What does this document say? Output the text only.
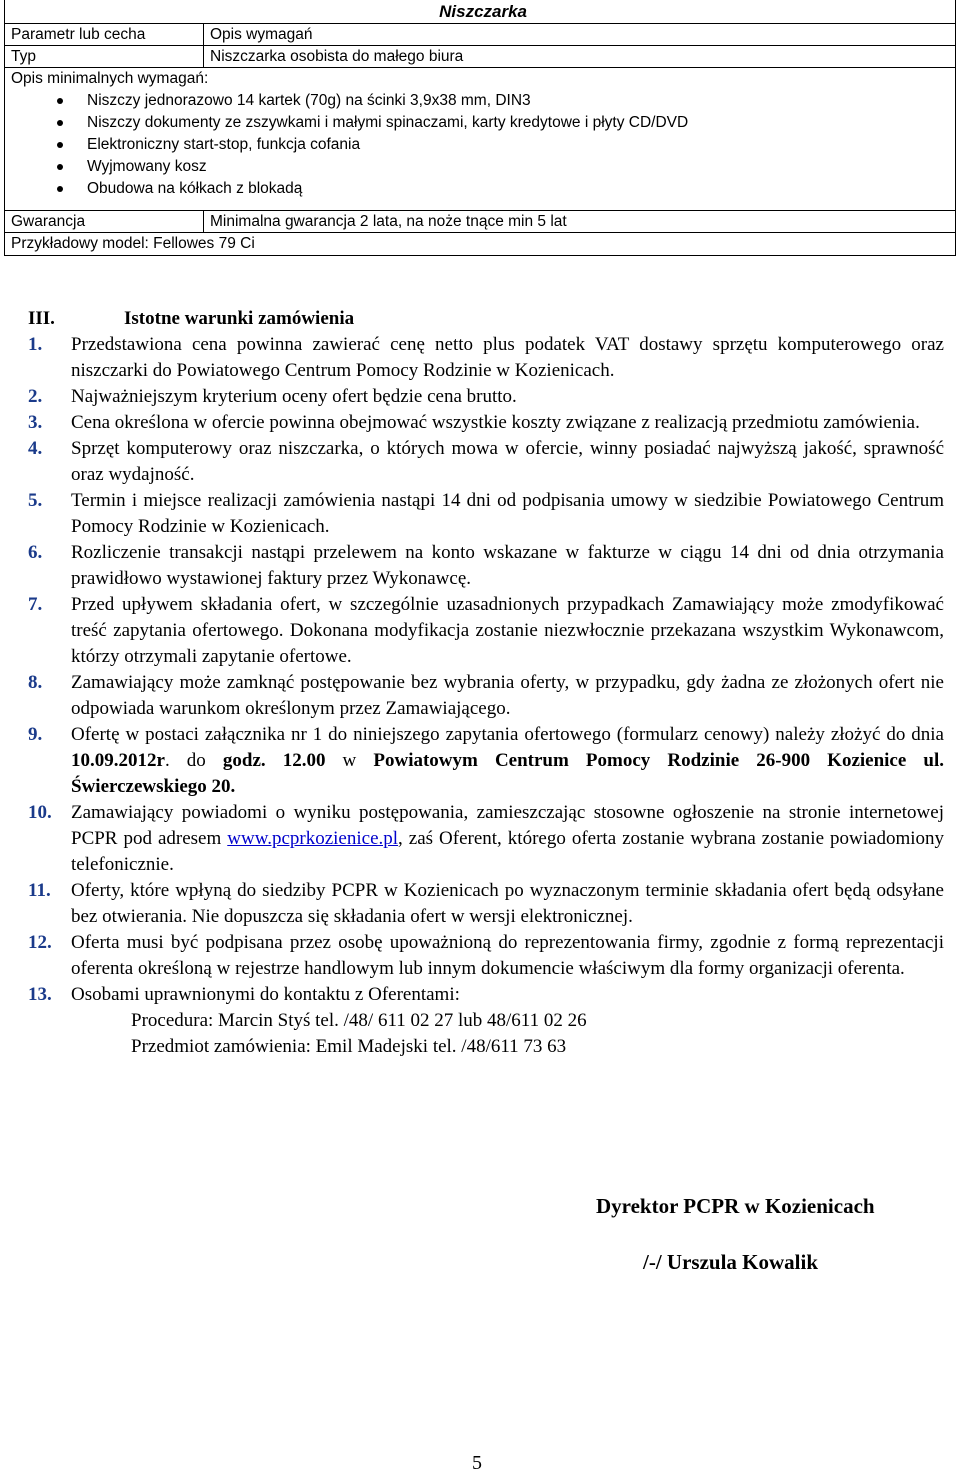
Niszczarka
Parametr lub cecha	Opis wymagań
Typ	Niszczarka osobista do małego biura
Opis minimalnych wymagań:
Niszczy jednorazowo 14 kartek (70g) na ścinki 3,9x38 mm, DIN3
Niszczy dokumenty ze zszywkami i małymi spinaczami, karty kredytowe i płyty CD/DVD
Elektroniczny start-stop, funkcja cofania
Wyjmowany kosz
Obudowa na kółkach z blokadą
Gwarancja	Minimalna gwarancja 2 lata, na noże tnące min 5 lat
Przykładowy model: Fellowes 79 Ci
III.	Istotne warunki zamówienia
1. Przedstawiona cena powinna zawierać cenę netto plus podatek VAT dostawy sprzętu komputerowego oraz niszczarki do Powiatowego Centrum Pomocy Rodzinie w Kozienicach.
2. Najważniejszym kryterium oceny ofert będzie cena brutto.
3. Cena określona w ofercie powinna obejmować wszystkie koszty związane z realizacją przedmiotu zamówienia.
4. Sprzęt komputerowy oraz niszczarka, o których mowa w ofercie, winny posiadać najwyższą jakość, sprawność oraz wydajność.
5. Termin i miejsce realizacji zamówienia nastąpi 14 dni od podpisania umowy w siedzibie Powiatowego Centrum Pomocy Rodzinie w Kozienicach.
6. Rozliczenie transakcji nastąpi przelewem na konto wskazane w fakturze w ciągu 14 dni od dnia otrzymania prawidłowo wystawionej faktury przez Wykonawcę.
7. Przed upływem składania ofert, w szczególnie uzasadnionych przypadkach Zamawiający może zmodyfikować treść zapytania ofertowego. Dokonana modyfikacja zostanie niezwłocznie przekazana wszystkim Wykonawcom, którzy otrzymali zapytanie ofertowe.
8. Zamawiający może zamknąć postępowanie bez wybrania oferty, w przypadku, gdy żadna ze złożonych ofert nie odpowiada warunkom określonym przez Zamawiającego.
9. Ofertę w postaci załącznika nr 1 do niniejszego zapytania ofertowego (formularz cenowy) należy złożyć do dnia 10.09.2012r. do godz. 12.00 w Powiatowym Centrum Pomocy Rodzinie 26-900 Kozienice ul. Świerczewskiego 20.
10. Zamawiający powiadomi o wyniku postępowania, zamieszczając stosowne ogłoszenie na stronie internetowej PCPR pod adresem www.pcprkozienice.pl, zaś Oferent, którego oferta zostanie wybrana zostanie powiadomiony telefonicznie.
11. Oferty, które wpłyną do siedziby PCPR w Kozienicach po wyznaczonym terminie składania ofert będą odsyłane bez otwierania. Nie dopuszcza się składania ofert w wersji elektronicznej.
12. Oferta musi być podpisana przez osobę upoważnioną do reprezentowania firmy, zgodnie z formą reprezentacji oferenta określoną w rejestrze handlowym lub innym dokumencie właściwym dla formy organizacji oferenta.
13. Osobami uprawnionymi do kontaktu z Oferentami:
Procedura: Marcin Styś tel. /48/ 611 02 27 lub 48/611 02 26
Przedmiot zamówienia: Emil Madejski tel. /48/611 73 63
Dyrektor PCPR w Kozienicach
/-/ Urszula Kowalik
5
